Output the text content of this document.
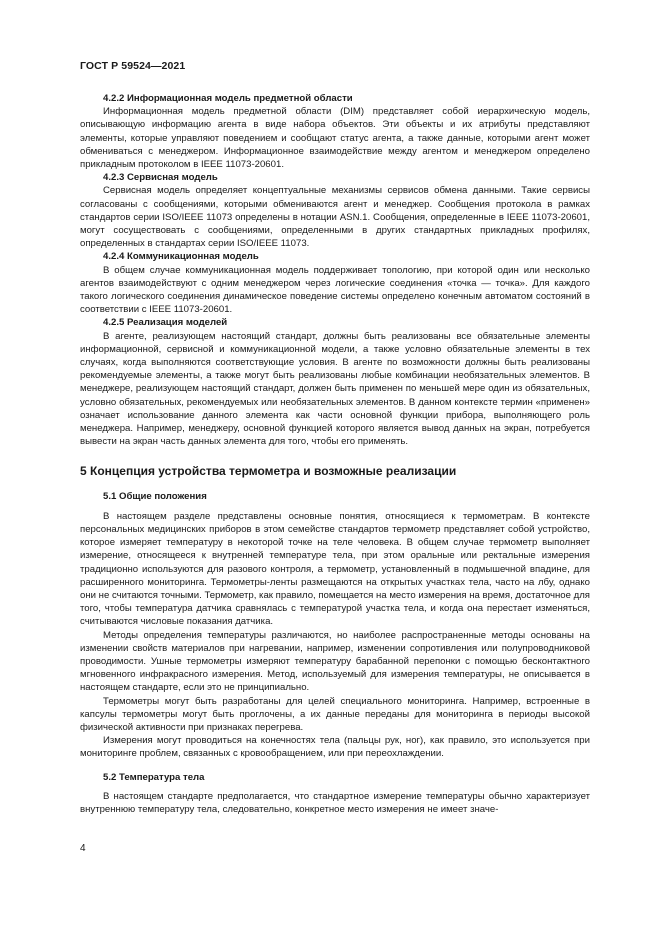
ГОСТ Р 59524—2021
4.2.2 Информационная модель предметной области

Информационная модель предметной области (DIM) представляет собой иерархическую модель, описывающую информацию агента в виде набора объектов. Эти объекты и их атрибуты представляют элементы, которые управляют поведением и сообщают статус агента, а также данные, которыми агент может обмениваться с менеджером. Информационное взаимодействие между агентом и менеджером определено прикладным протоколом в IEEE 11073-20601.

4.2.3 Сервисная модель

Сервисная модель определяет концептуальные механизмы сервисов обмена данными. Такие сервисы согласованы с сообщениями, которыми обмениваются агент и менеджер. Сообщения протокола в рамках стандартов серии ISO/IEEE 11073 определены в нотации ASN.1. Сообщения, определенные в IEEE 11073-20601, могут сосуществовать с сообщениями, определенными в других стандартных прикладных профилях, определенных в стандартах серии ISO/IEEE 11073.

4.2.4 Коммуникационная модель

В общем случае коммуникационная модель поддерживает топологию, при которой один или несколько агентов взаимодействуют с одним менеджером через логические соединения «точка — точка». Для каждого такого логического соединения динамическое поведение системы определено конечным автоматом состояний в соответствии с IEEE 11073-20601.

4.2.5 Реализация моделей

В агенте, реализующем настоящий стандарт, должны быть реализованы все обязательные элементы информационной, сервисной и коммуникационной модели, а также условно обязательные элементы в тех случаях, когда выполняются соответствующие условия. В агенте по возможности должны быть реализованы рекомендуемые элементы, а также могут быть реализованы любые комбинации необязательных элементов. В менеджере, реализующем настоящий стандарт, должен быть применен по меньшей мере один из обязательных, условно обязательных, рекомендуемых или необязательных элементов. В данном контексте термин «применен» означает использование данного элемента как части основной функции прибора, выполняющего роль менеджера. Например, менеджеру, основной функцией которого является вывод данных на экран, потребуется вывести на экран часть данных элемента для того, чтобы его применять.

5 Концепция устройства термометра и возможные реализации
5.1 Общие положения

В настоящем разделе представлены основные понятия, относящиеся к термометрам. В контексте персональных медицинских приборов в этом семействе стандартов термометр представляет собой устройство, которое измеряет температуру в некоторой точке на теле человека. В общем случае термометр выполняет измерение, относящееся к внутренней температуре тела, при этом оральные или ректальные измерения традиционно используются для разового контроля, а термометр, установленный в подмышечной впадине, для расширенного мониторинга. Термометры-ленты размещаются на открытых участках тела, часто на лбу, однако они не считаются точными. Термометр, как правило, помещается на место измерения на время, достаточное для того, чтобы температура датчика сравнялась с температурой участка тела, и когда она перестает изменяться, считываются числовые показания датчика.

Методы определения температуры различаются, но наиболее распространенные методы основаны на изменении свойств материалов при нагревании, например, изменении сопротивления или полупроводниковой проводимости. Ушные термометры измеряют температуру барабанной перепонки с помощью бесконтактного мгновенного инфракрасного измерения. Метод, используемый для измерения температуры, не описывается в настоящем стандарте, если это не принципиально.

Термометры могут быть разработаны для целей специального мониторинга. Например, встроенные в капсулы термометры могут быть проглочены, а их данные переданы для мониторинга в периоды высокой физической активности при признаках перегрева.

Измерения могут проводиться на конечностях тела (пальцы рук, ног), как правило, это используется при мониторинге проблем, связанных с кровообращением, или при переохлаждении.

5.2 Температура тела

В настоящем стандарте предполагается, что стандартное измерение температуры обычно характеризует внутреннюю температуру тела, следовательно, конкретное место измерения не имеет значе-

4
